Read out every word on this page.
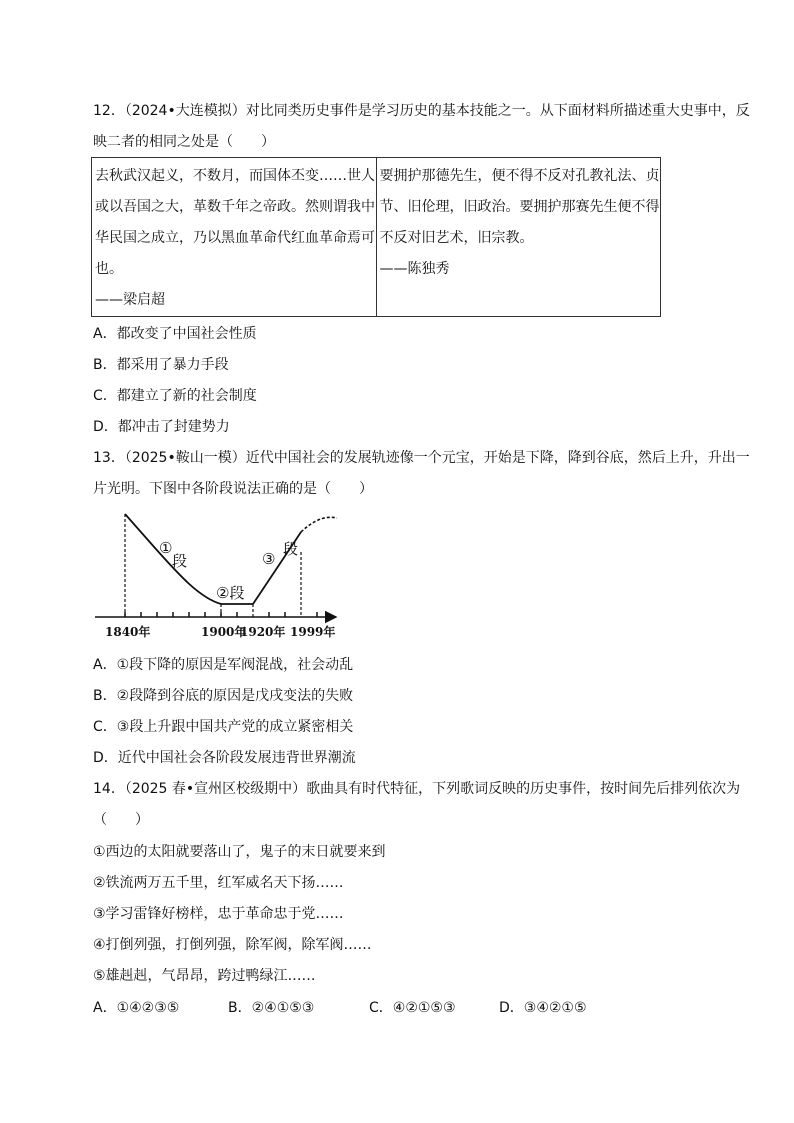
12．（2024•大连模拟）对比同类历史事件是学习历史的基本技能之一。从下面材料所描述重大史事中，反
映二者的相同之处是（　　）
去秋武汉起义，不数月，而国体丕变……世人
或以吾国之大，革数千年之帝政。然则谓我中
华民国之成立，乃以黑血革命代红血革命焉可
也。
——梁启超

要拥护那德先生，便不得不反对孔教礼法、贞
节、旧伦理，旧政治。要拥护那赛先生便不得
不反对旧艺术，旧宗教。
——陈独秀
A．都改变了中国社会性质
B．都采用了暴力手段
C．都建立了新的社会制度
D．都冲击了封建势力
13．（2025•鞍山一模）近代中国社会的发展轨迹像一个元宝，开始是下降，降到谷底，然后上升，升出一
片光明。下图中各阶段说法正确的是（　　）
①
段
②段
③
段
1840年	1900年
1920年 1999年
A．①段下降的原因是军阀混战，社会动乱
B．②段降到谷底的原因是戊戌变法的失败
C．③段上升跟中国共产党的成立紧密相关
D．近代中国社会各阶段发展违背世界潮流
14．（2025 春•宣州区校级期中）歌曲具有时代特征，下列歌词反映的历史事件，按时间先后排列依次为
（　　）
①西边的太阳就要落山了，鬼子的末日就要来到
②铁流两万五千里，红军威名天下扬……
③学习雷锋好榜样，忠于革命忠于党……
④打倒列强，打倒列强，除军阀，除军阀……
⑤雄赳赳，气昂昂，跨过鸭绿江……
A．①④②③⑤	B．②④①⑤③	C．④②①⑤③	D．③④②①⑤
